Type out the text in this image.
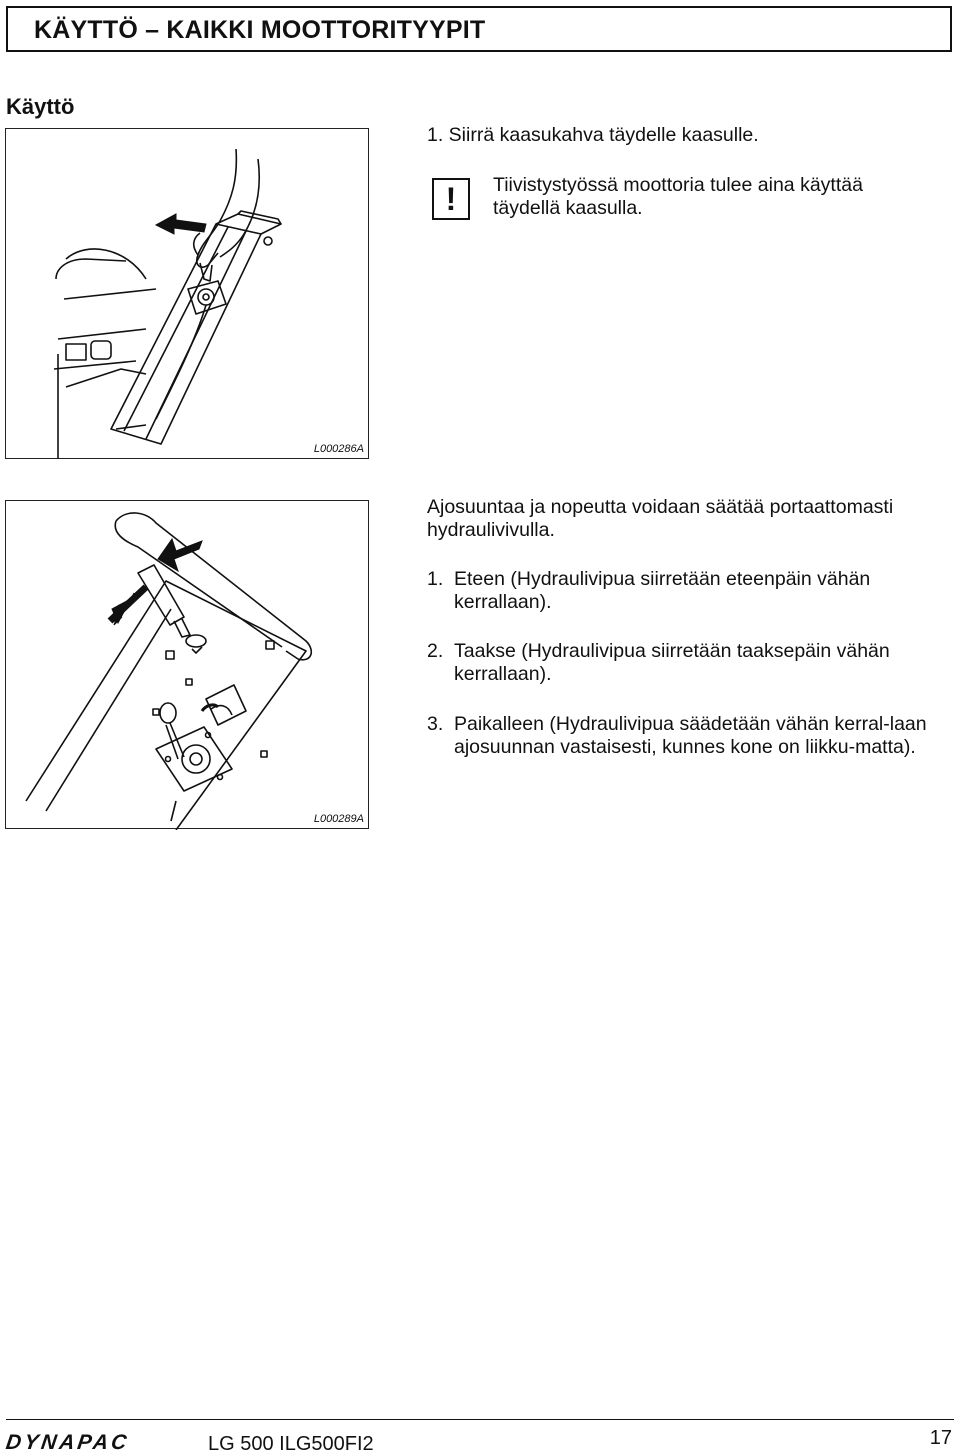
KÄYTTÖ – KAIKKI MOOTTORITYYPIT
Käyttö
L000286A
1. Siirrä kaasukahva täydelle kaasulle.
!	Tiivistystyössä moottoria tulee aina käyttää täydellä kaasulla.
L000289A
Ajosuuntaa ja nopeutta voidaan säätää portaattomasti hydraulivivulla.
1. Eteen (Hydraulivipua siirretään eteenpäin vähän kerrallaan).
2. Taakse (Hydraulivipua siirretään taaksepäin vähän kerrallaan).
3. Paikalleen (Hydraulivipua säädetään vähän kerral-laan ajosuunnan vastaisesti, kunnes kone on liikku-matta).
DYNAPAC	LG 500 ILG500FI2	17
